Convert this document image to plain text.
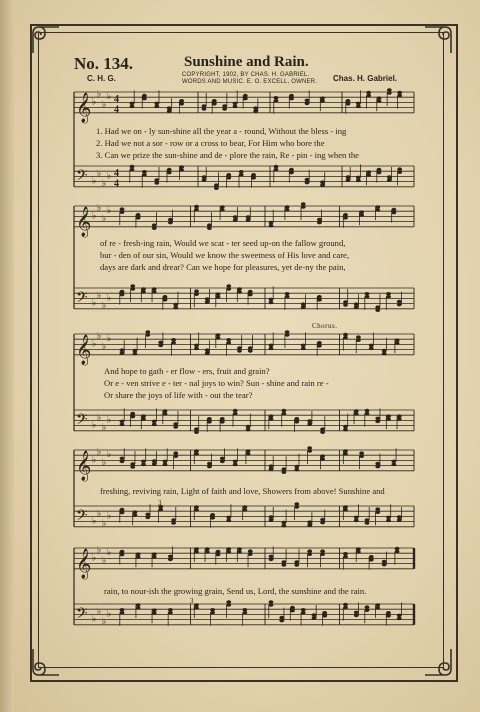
No. 134.	Sunshine and Rain.
COPYRIGHT, 1902, BY CHAS. H. GABRIEL.
WORDS AND MUSIC. E. O. EXCELL, OWNER.
C. H. G.	Chas. H. Gabriel.
𝄞 ♭
♭
♭
♭ 4
4
𝄢 ♭
♭
♭
♭ 4
4
𝄞 ♭
♭
♭
♭
𝄢 ♭
♭
♭
♭
𝄞 ♭
♭
♭
♭
𝄢 ♭
♭
♭
♭
𝄞 ♭
♭
♭
♭
𝄢 ♭
♭
♭
♭
𝄞 ♭
♭
♭
♭
𝄢 ♭
♭
♭
♭
1. Had we on - ly sun-shine all the year a - round, Without the bless - ing
2. Had we not a sor - row or a cross to bear, For Him who bore the
3. Can we prize the sun-shine and de - plore the rain, Re - pin - ing when the
of re - fresh-ing rain, Would we scat - ter seed up-on the fallow ground,
bur - den of our sin, Would we know the sweetness of His love and care,
days are dark and drear? Can we hope for pleasures, yet de-ny the pain,
Chorus.
And hope to gath - er flow - ers, fruit and grain?
Or e - ven strive e - ter - nal joys to win? Sun - shine and rain re -
Or share the joys of life with - out the tear?
freshing, reviving rain, Light of faith and love, Showers from above! Sunshine and
rain, to nour-ish the growing grain, Send us, Lord, the sunshine and the rain.
3
3
